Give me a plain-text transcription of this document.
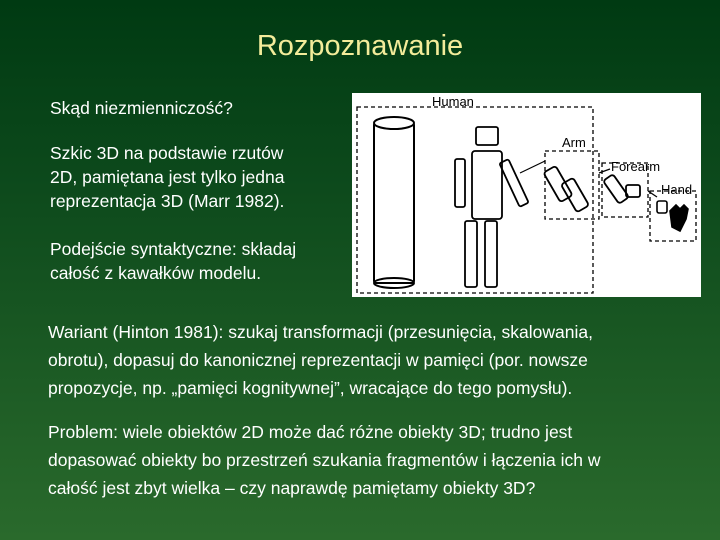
Rozpoznawanie
Skąd niezmienniczość?
Szkic 3D na podstawie rzutów
2D, pamiętana jest tylko jedna
reprezentacja 3D (Marr 1982).
Podejście syntaktyczne: składaj
całość z kawałków modelu.
Human
Arm
Forearm
Hand
Wariant (Hinton 1981): szukaj transformacji (przesunięcia, skalowania,
obrotu), dopasuj do kanonicznej reprezentacji w pamięci (por. nowsze
propozycje, np. „pamięci kognitywnej”, wracające do tego pomysłu).
Problem: wiele obiektów 2D może dać różne obiekty 3D; trudno jest
dopasować obiekty bo przestrzeń szukania fragmentów i łączenia ich w
całość jest zbyt wielka – czy naprawdę pamiętamy obiekty 3D?
